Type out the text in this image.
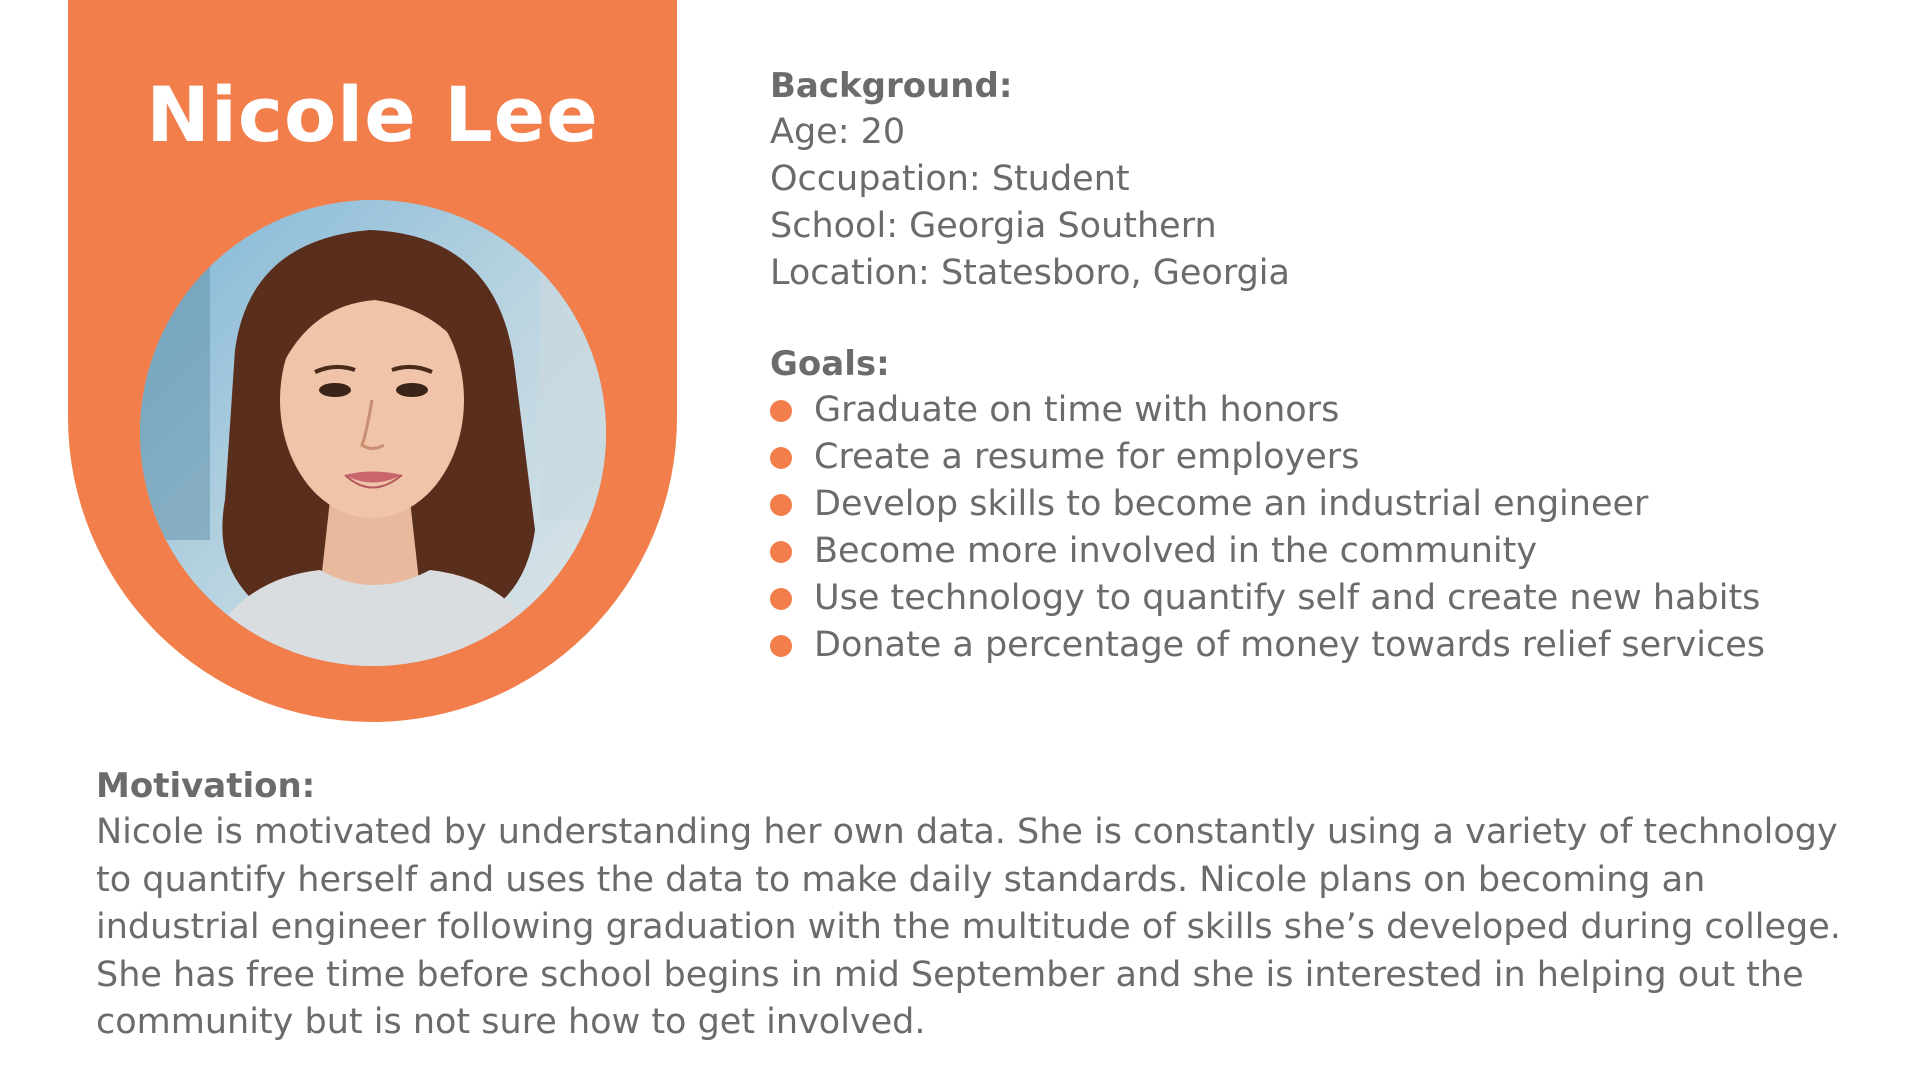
Nicole Lee	Background:

Age: 20

Occupation: Student

School: Georgia Southern

Location: Statesboro, Georgia

Goals:

Graduate on time with honors
Create a resume for employers
Develop skills to become an industrial engineer
Become more involved in the community
Use technology to quantify self and create new habits
Donate a percentage of money towards relief services

Motivation:

Nicole is motivated by understanding her own data. She is constantly using a variety of technology
to quantify herself and uses the data to make daily standards. Nicole plans on becoming an
industrial engineer following graduation with the multitude of skills she’s developed during college.
She has free time before school begins in mid September and she is interested in helping out the
community but is not sure how to get involved.
